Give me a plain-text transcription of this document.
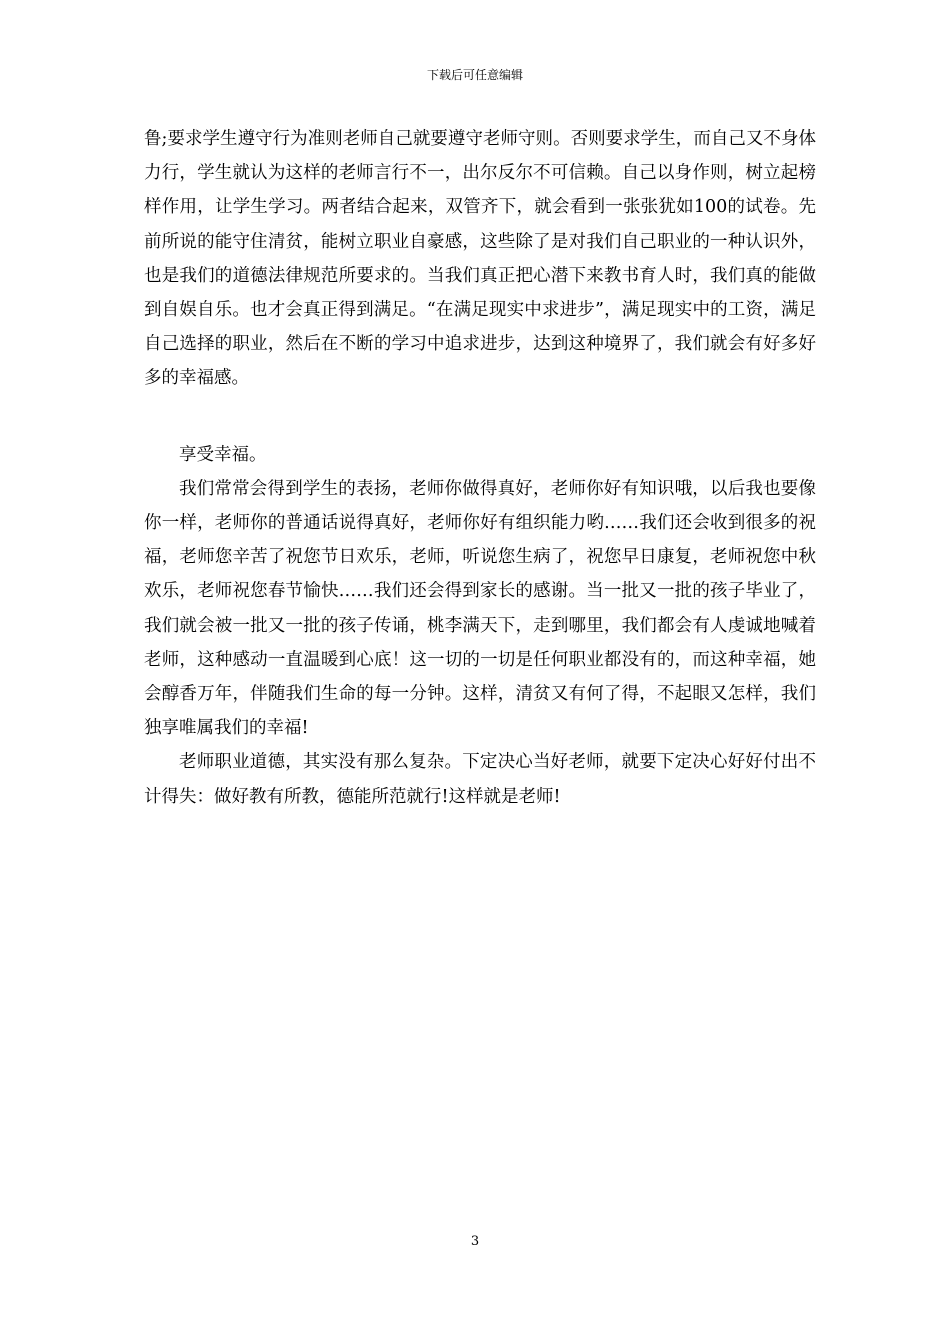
下载后可任意编辑

鲁;要求学生遵守行为准则老师自己就要遵守老师守则。否则要求学生，而自己又不身体力行，学生就认为这样的老师言行不一，出尔反尔不可信赖。自己以身作则，树立起榜样作用，让学生学习。两者结合起来，双管齐下，就会看到一张张犹如100的试卷。先前所说的能守住清贫，能树立职业自豪感，这些除了是对我们自己职业的一种认识外，也是我们的道德法律规范所要求的。当我们真正把心潜下来教书育人时，我们真的能做到自娱自乐。也才会真正得到满足。“在满足现实中求进步”，满足现实中的工资，满足自己选择的职业，然后在不断的学习中追求进步，达到这种境界了，我们就会有好多好多的幸福感。

享受幸福。

我们常常会得到学生的表扬，老师你做得真好，老师你好有知识哦，以后我也要像你一样，老师你的普通话说得真好，老师你好有组织能力哟……我们还会收到很多的祝福，老师您辛苦了祝您节日欢乐，老师，听说您生病了，祝您早日康复，老师祝您中秋欢乐，老师祝您春节愉快……我们还会得到家长的感谢。当一批又一批的孩子毕业了，我们就会被一批又一批的孩子传诵，桃李满天下，走到哪里，我们都会有人虔诚地喊着老师，这种感动一直温暖到心底！这一切的一切是任何职业都没有的，而这种幸福，她会醇香万年，伴随我们生命的每一分钟。这样，清贫又有何了得，不起眼又怎样，我们独享唯属我们的幸福!

老师职业道德，其实没有那么复杂。下定决心当好老师，就要下定决心好好付出不计得失：做好教有所教，德能所范就行!这样就是老师!

3
